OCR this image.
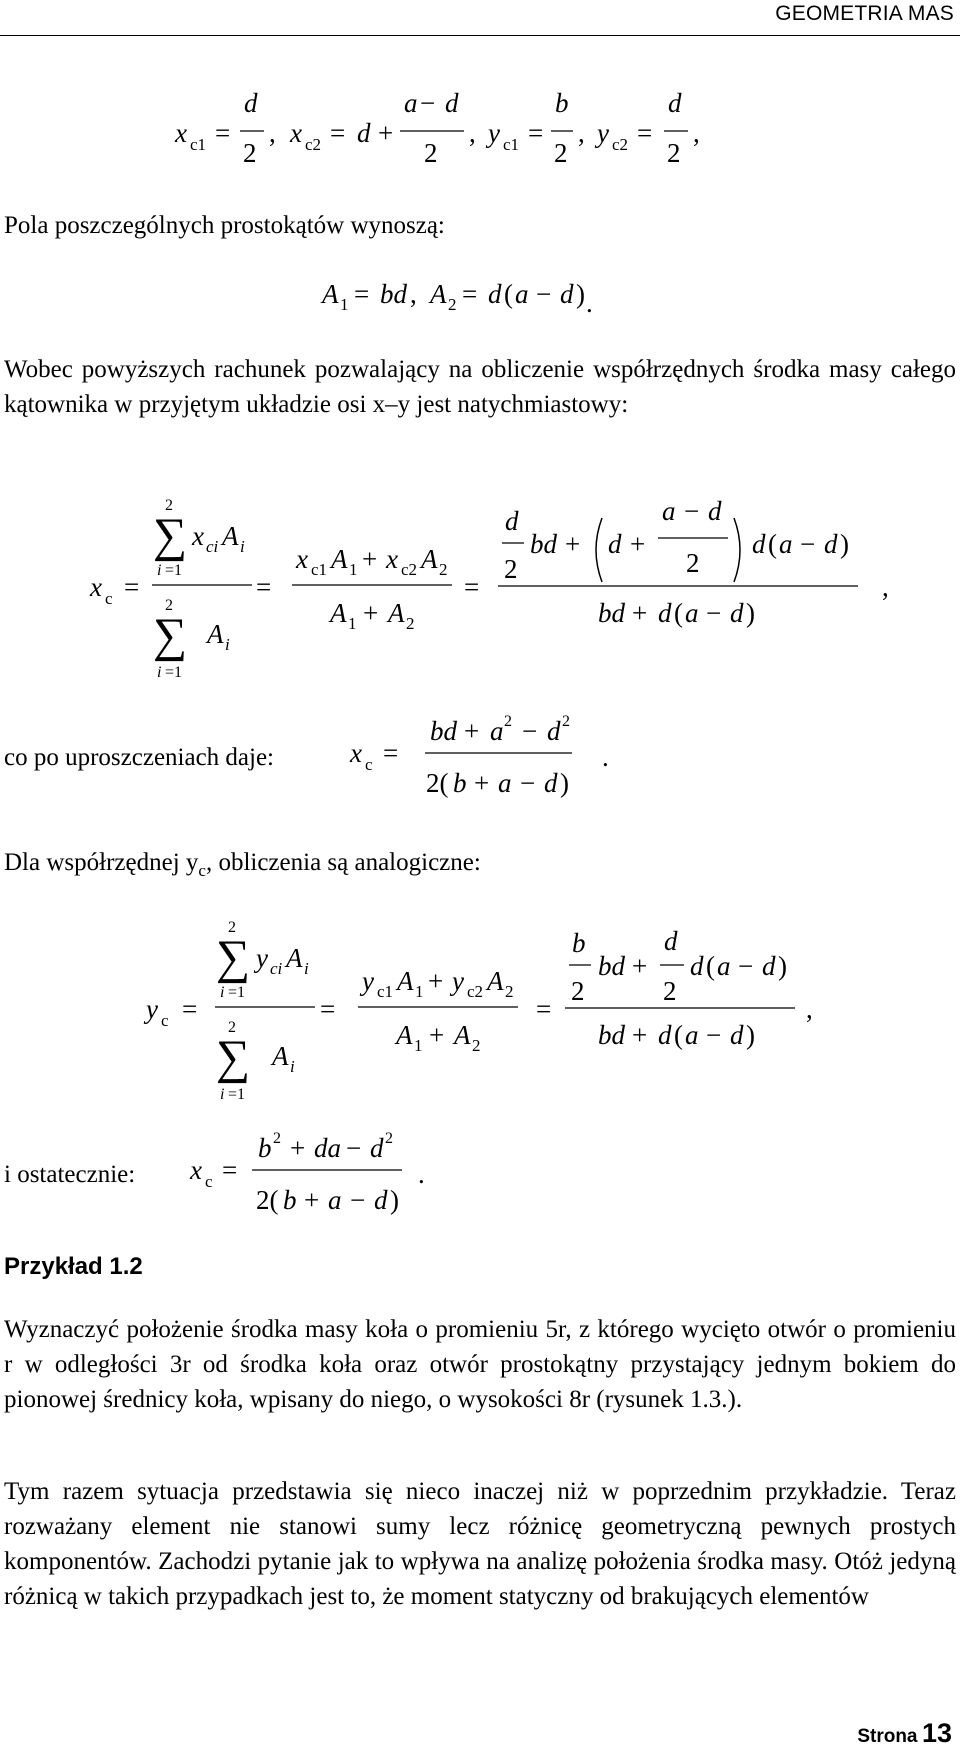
GEOMETRIA MAS
x c1 =
d
2
, x c2 = d +
a − d
2
, y c1 =
b
2
, y c2 =
d
2
,
Pola poszczególnych prostokątów wynoszą:
A 1 = bd , A 2 = d ( a − d ) .
Wobec powyższych rachunek pozwalający na obliczenie współrzędnych środka masy całego kątownika w przyjętym układzie osi x–y jest natychmiastowy:
x c =
2
∑ x ci A i
i =1
2
∑ A i
i =1
=
x c1 A 1 + x c2 A 2
A 1 + A 2
=
d
2
bd + d +
a − d
2
d ( a − d )
bd + d ( a − d )
,
co po uproszczeniach daje:	x c =
bd + a 2 − d 2
2( b + a − d )
.
Dla współrzędnej $y_c$, obliczenia są analogiczne:
y c =
2
∑ y ci A i
i =1
2
∑ A i
i =1
=
y c1 A 1 + y c2 A 2
A 1 + A 2
=
b
2
bd +
d
2
d ( a − d )
bd + d ( a − d )
,
i ostatecznie: x c =
b 2 + da − d 2
2( b + a − d )
.
Przykład 1.2
Wyznaczyć położenie środka masy koła o promieniu 5r, z którego wycięto otwór o promieniu r w odległości 3r od środka koła oraz otwór prostokątny przystający jednym bokiem do pionowej średnicy koła, wpisany do niego, o wysokości 8r (rysunek 1.3.).
Tym razem sytuacja przedstawia się nieco inaczej niż w poprzednim przykładzie. Teraz rozważany element nie stanowi sumy lecz różnicę geometryczną pewnych prostych komponentów. Zachodzi pytanie jak to wpływa na analizę położenia środka masy. Otóż jedyną różnicą w takich przypadkach jest to, że moment statyczny od brakujących elementów
Strona 13
